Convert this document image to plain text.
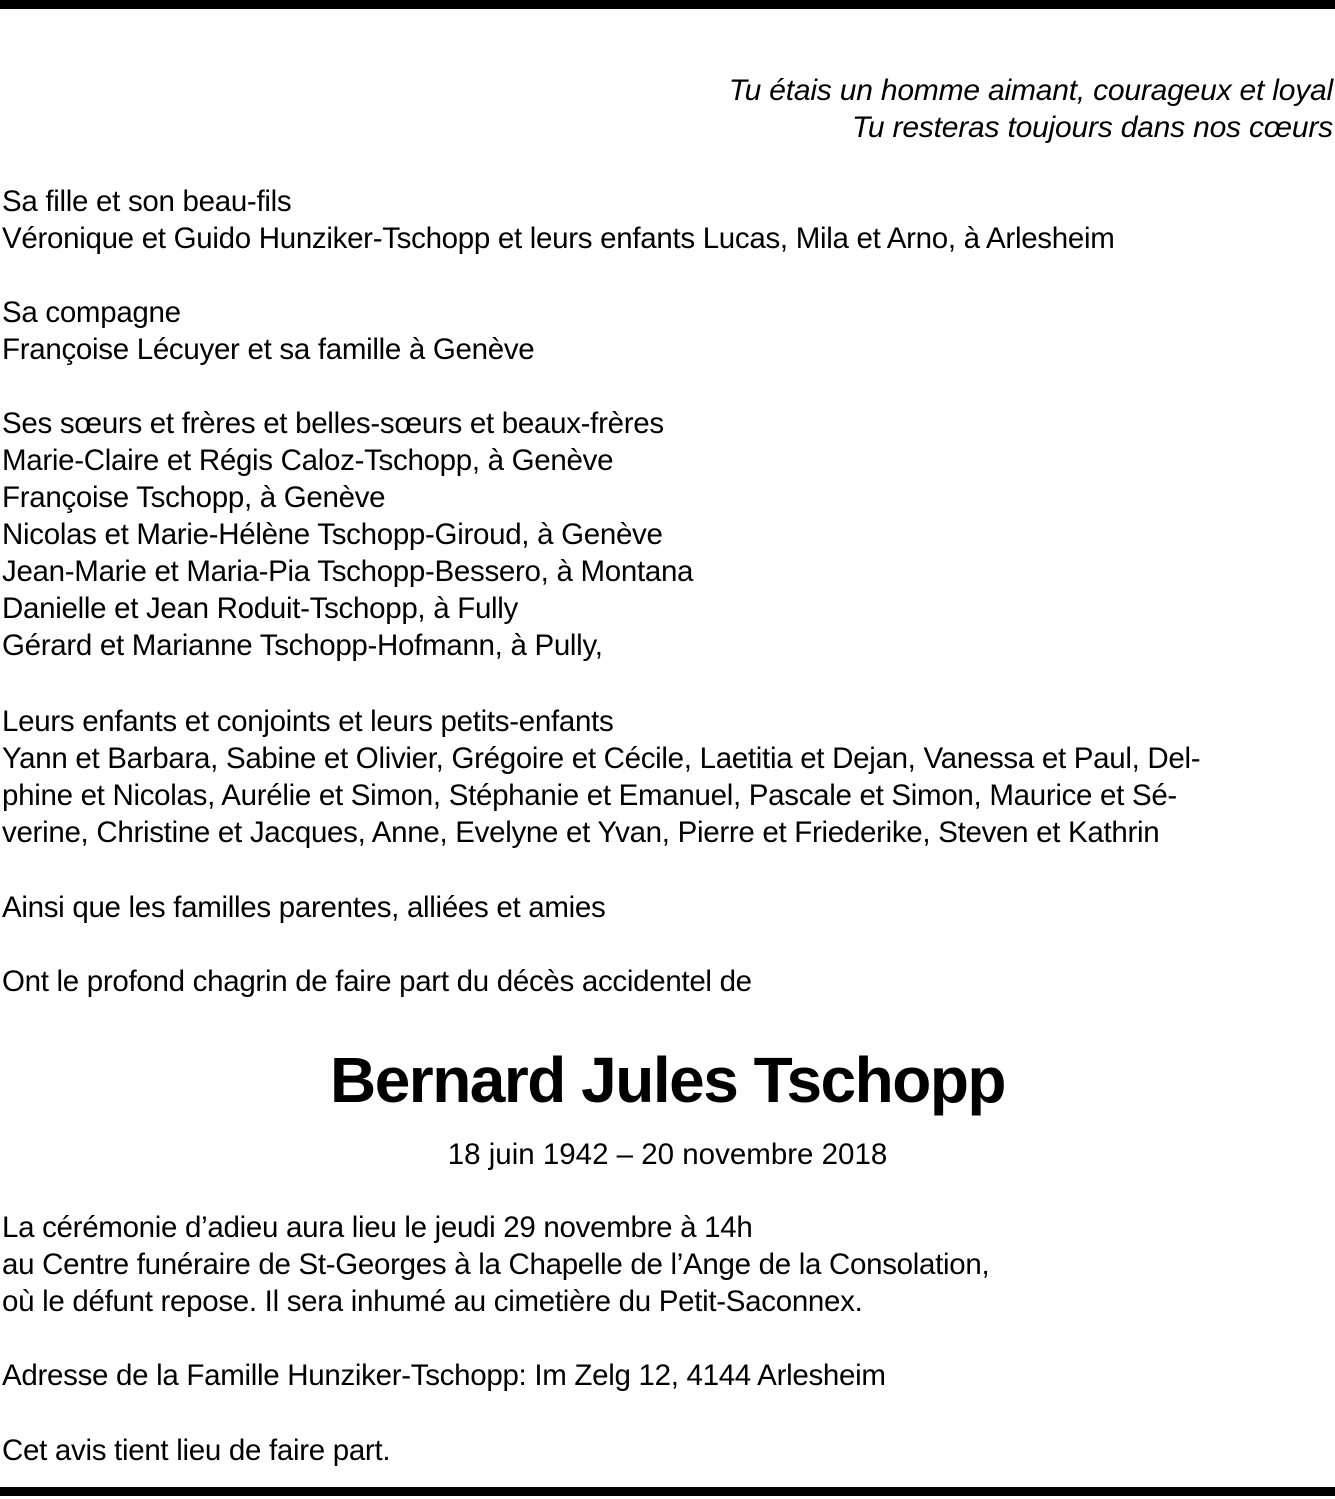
Tu étais un homme aimant, courageux et loyal
Tu resteras toujours dans nos cœurs
Sa fille et son beau-fils
Véronique et Guido Hunziker-Tschopp et leurs enfants Lucas, Mila et Arno, à Arlesheim
Sa compagne
Françoise Lécuyer et sa famille à Genève
Ses sœurs et frères et belles-sœurs et beaux-frères
Marie-Claire et Régis Caloz-Tschopp, à Genève
Françoise Tschopp, à Genève
Nicolas et Marie-Hélène Tschopp-Giroud, à Genève
Jean-Marie et Maria-Pia Tschopp-Bessero, à Montana
Danielle et Jean Roduit-Tschopp, à Fully
Gérard et Marianne Tschopp-Hofmann, à Pully,
Leurs enfants et conjoints et leurs petits-enfants
Yann et Barbara, Sabine et Olivier, Grégoire et Cécile, Laetitia et Dejan, Vanessa et Paul, Del-
phine et Nicolas, Aurélie et Simon, Stéphanie et Emanuel, Pascale et Simon, Maurice et Sé-
verine, Christine et Jacques, Anne, Evelyne et Yvan, Pierre et Friederike, Steven et Kathrin
Ainsi que les familles parentes, alliées et amies
Ont le profond chagrin de faire part du décès accidentel de
Bernard Jules Tschopp
18 juin 1942 – 20 novembre 2018
La cérémonie d’adieu aura lieu le jeudi 29 novembre à 14h
au Centre funéraire de St-Georges à la Chapelle de l’Ange de la Consolation,
où le défunt repose. Il sera inhumé au cimetière du Petit-Saconnex.
Adresse de la Famille Hunziker-Tschopp: Im Zelg 12, 4144 Arlesheim
Cet avis tient lieu de faire part.
